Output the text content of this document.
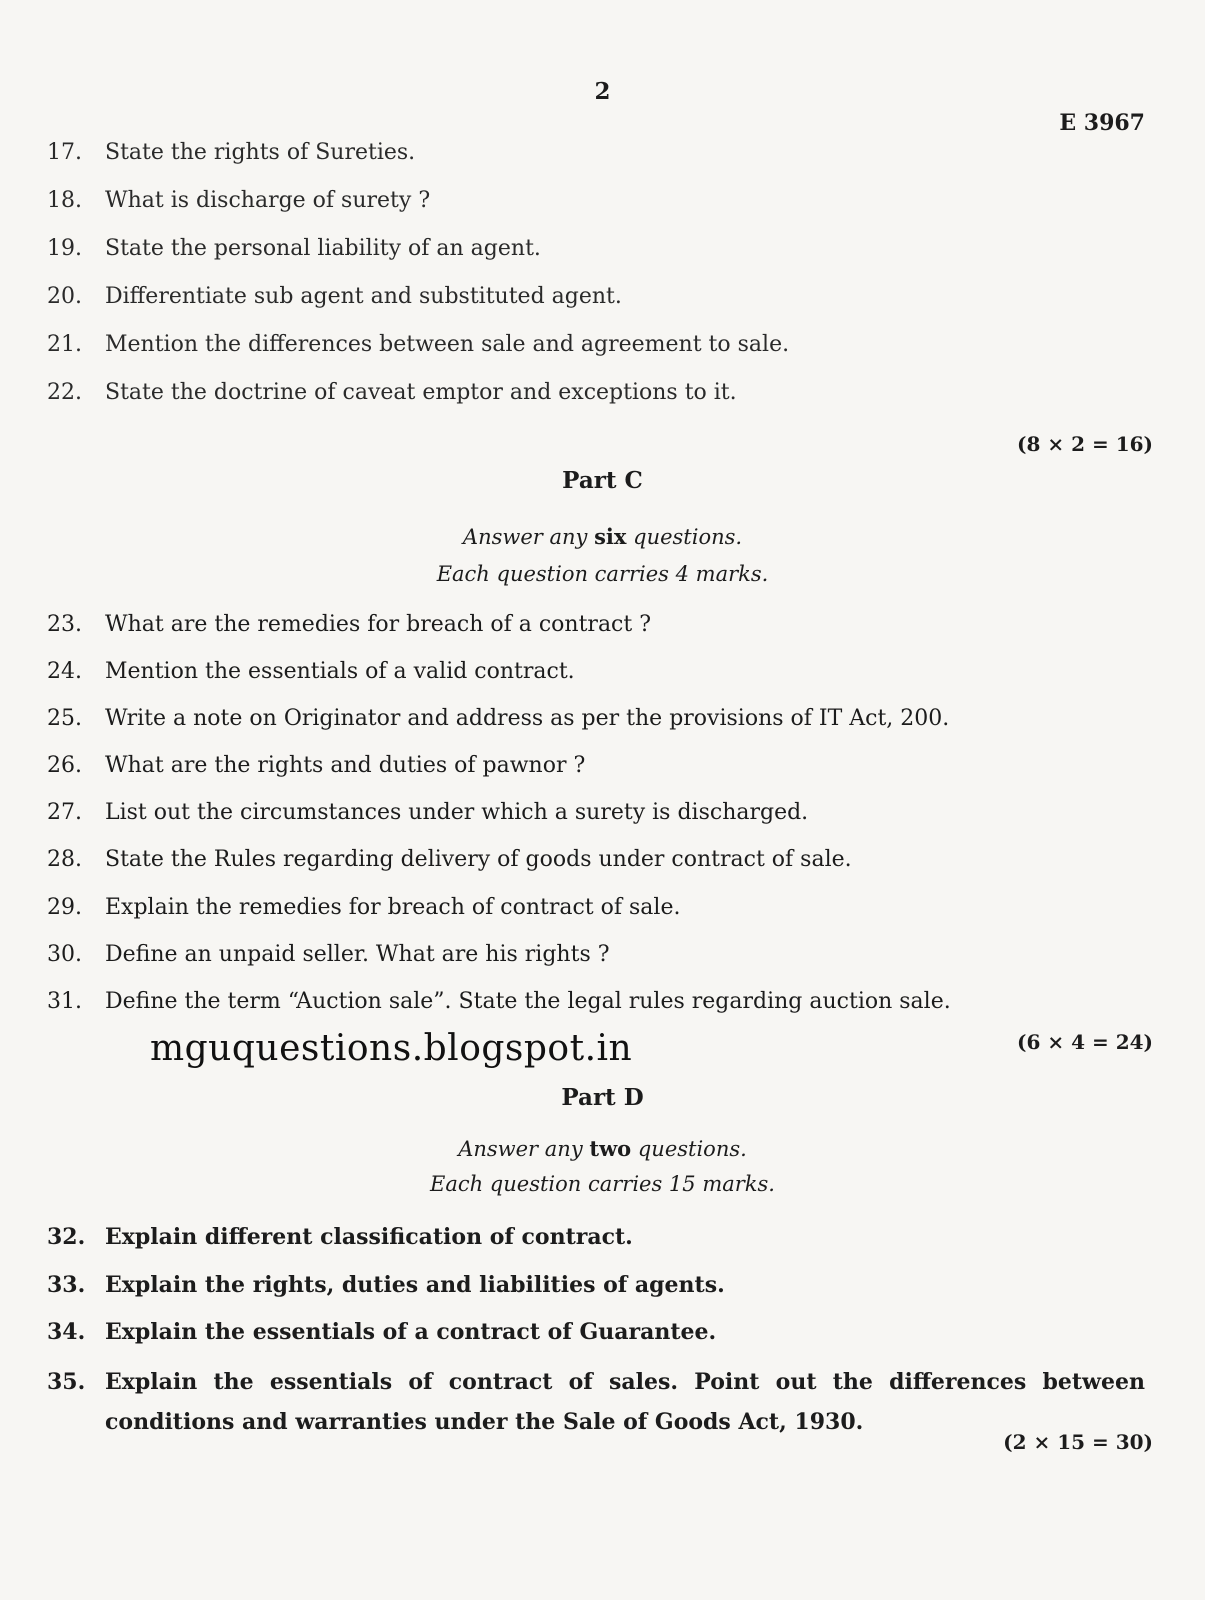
2
E 3967
17. State the rights of Sureties.
18. What is discharge of surety ?
19. State the personal liability of an agent.
20. Differentiate sub agent and substituted agent.
21. Mention the differences between sale and agreement to sale.
22. State the doctrine of caveat emptor and exceptions to it.
(8 × 2 = 16)
Part C
Answer any six questions.
Each question carries 4 marks.
23. What are the remedies for breach of a contract ?
24. Mention the essentials of a valid contract.
25. Write a note on Originator and address as per the provisions of IT Act, 200.
26. What are the rights and duties of pawnor ?
27. List out the circumstances under which a surety is discharged.
28. State the Rules regarding delivery of goods under contract of sale.
29. Explain the remedies for breach of contract of sale.
30. Define an unpaid seller. What are his rights ?
31. Define the term “Auction sale”. State the legal rules regarding auction sale.
mguquestions.blogspot.in	(6 × 4 = 24)
Part D
Answer any two questions.
Each question carries 15 marks.
32. Explain different classification of contract.
33. Explain the rights, duties and liabilities of agents.
34. Explain the essentials of a contract of Guarantee.
35. Explain the essentials of contract of sales. Point out the differences between conditions and warranties under the Sale of Goods Act, 1930.
(2 × 15 = 30)
